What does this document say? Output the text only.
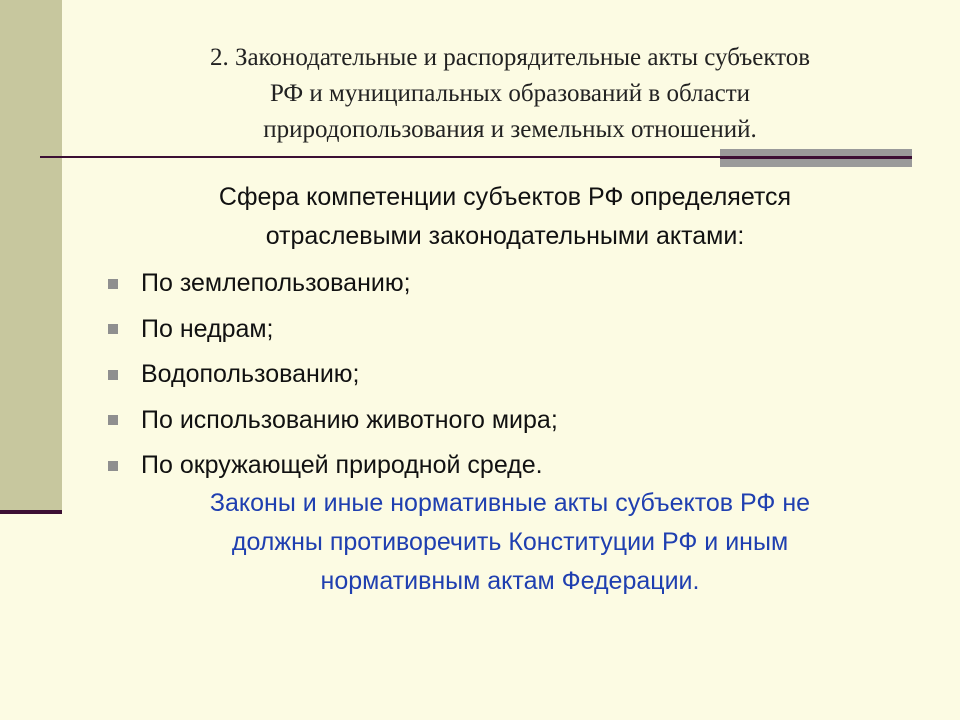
2. Законодательные и распорядительные акты субъектов
РФ и муниципальных образований в области
природопользования и земельных отношений.
Сфера компетенции субъектов РФ определяется
отраслевыми законодательными актами:
По землепользованию;
По недрам;
Водопользованию;
По использованию животного мира;
По окружающей природной среде.
Законы и иные нормативные акты субъектов РФ не
должны противоречить Конституции РФ и иным
нормативным актам Федерации.
